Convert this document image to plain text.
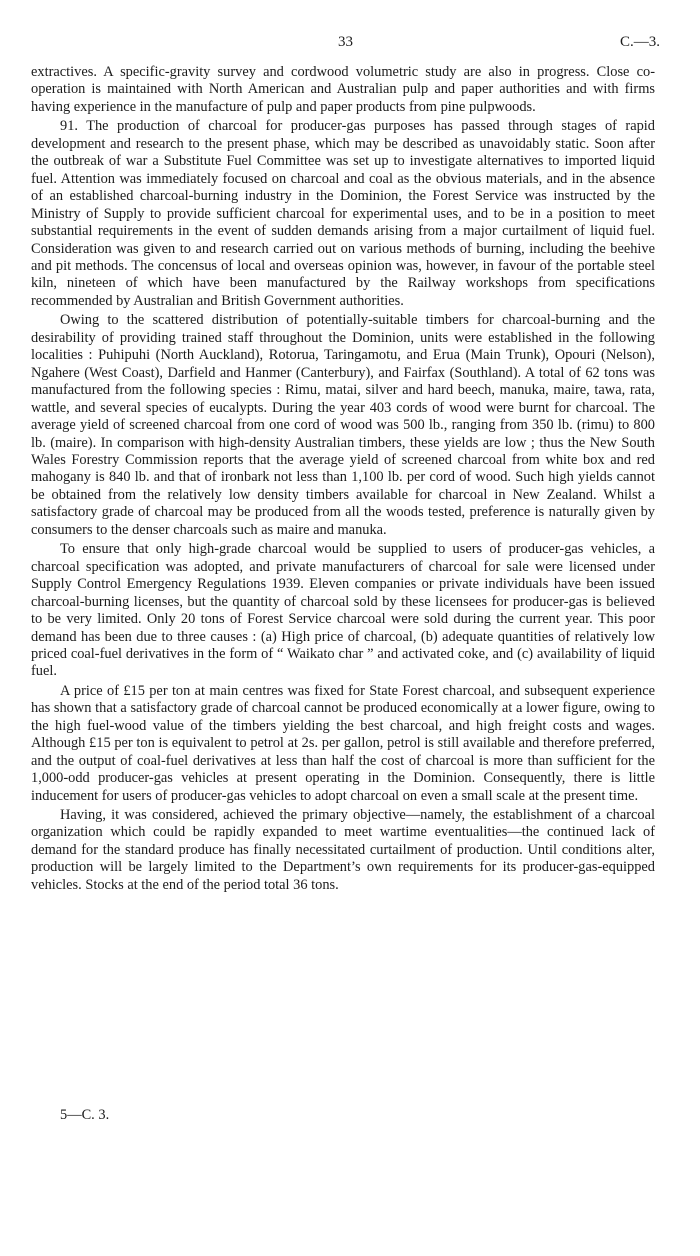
33	C.—3.

extractives. A specific-gravity survey and cordwood volumetric study are also in progress. Close co-operation is maintained with North American and Australian pulp and paper authorities and with firms having experience in the manufacture of pulp and paper products from pine pulpwoods.

91. The production of charcoal for producer-gas purposes has passed through stages of rapid development and research to the present phase, which may be described as unavoidably static. Soon after the outbreak of war a Substitute Fuel Committee was set up to investigate alternatives to imported liquid fuel. Attention was immediately focused on charcoal and coal as the obvious materials, and in the absence of an established charcoal-burning industry in the Dominion, the Forest Service was instructed by the Ministry of Supply to provide sufficient charcoal for experimental uses, and to be in a position to meet substantial requirements in the event of sudden demands arising from a major curtailment of liquid fuel. Consideration was given to and research carried out on various methods of burning, including the beehive and pit methods. The concensus of local and overseas opinion was, however, in favour of the portable steel kiln, nineteen of which have been manufactured by the Railway workshops from specifications recommended by Australian and British Government authorities.

Owing to the scattered distribution of potentially-suitable timbers for charcoal-burning and the desirability of providing trained staff throughout the Dominion, units were established in the following localities : Puhipuhi (North Auckland), Rotorua, Taringamotu, and Erua (Main Trunk), Opouri (Nelson), Ngahere (West Coast), Darfield and Hanmer (Canterbury), and Fairfax (Southland). A total of 62 tons was manufactured from the following species : Rimu, matai, silver and hard beech, manuka, maire, tawa, rata, wattle, and several species of eucalypts. During the year 403 cords of wood were burnt for charcoal. The average yield of screened charcoal from one cord of wood was 500 lb., ranging from 350 lb. (rimu) to 800 lb. (maire). In comparison with high-density Australian timbers, these yields are low ; thus the New South Wales Forestry Commission reports that the average yield of screened charcoal from white box and red mahogany is 840 lb. and that of ironbark not less than 1,100 lb. per cord of wood. Such high yields cannot be obtained from the relatively low density timbers available for charcoal in New Zealand. Whilst a satisfactory grade of charcoal may be produced from all the woods tested, preference is naturally given by consumers to the denser charcoals such as maire and manuka.

To ensure that only high-grade charcoal would be supplied to users of producer-gas vehicles, a charcoal specification was adopted, and private manufacturers of charcoal for sale were licensed under Supply Control Emergency Regulations 1939. Eleven companies or private individuals have been issued charcoal-burning licenses, but the quantity of charcoal sold by these licensees for producer-gas is believed to be very limited. Only 20 tons of Forest Service charcoal were sold during the current year. This poor demand has been due to three causes : (a) High price of charcoal, (b) adequate quantities of relatively low priced coal-fuel derivatives in the form of “ Waikato char ” and activated coke, and (c) availability of liquid fuel.

A price of £15 per ton at main centres was fixed for State Forest charcoal, and subsequent experience has shown that a satisfactory grade of charcoal cannot be produced economically at a lower figure, owing to the high fuel-wood value of the timbers yielding the best charcoal, and high freight costs and wages. Although £15 per ton is equivalent to petrol at 2s. per gallon, petrol is still available and therefore preferred, and the output of coal-fuel derivatives at less than half the cost of charcoal is more than sufficient for the 1,000-odd producer-gas vehicles at present operating in the Dominion. Consequently, there is little inducement for users of producer-gas vehicles to adopt charcoal on even a small scale at the present time.

Having, it was considered, achieved the primary objective—namely, the establishment of a charcoal organization which could be rapidly expanded to meet wartime eventualities—the continued lack of demand for the standard produce has finally necessitated curtailment of production. Until conditions alter, production will be largely limited to the Department’s own requirements for its producer-gas-equipped vehicles. Stocks at the end of the period total 36 tons.

5—C. 3.
